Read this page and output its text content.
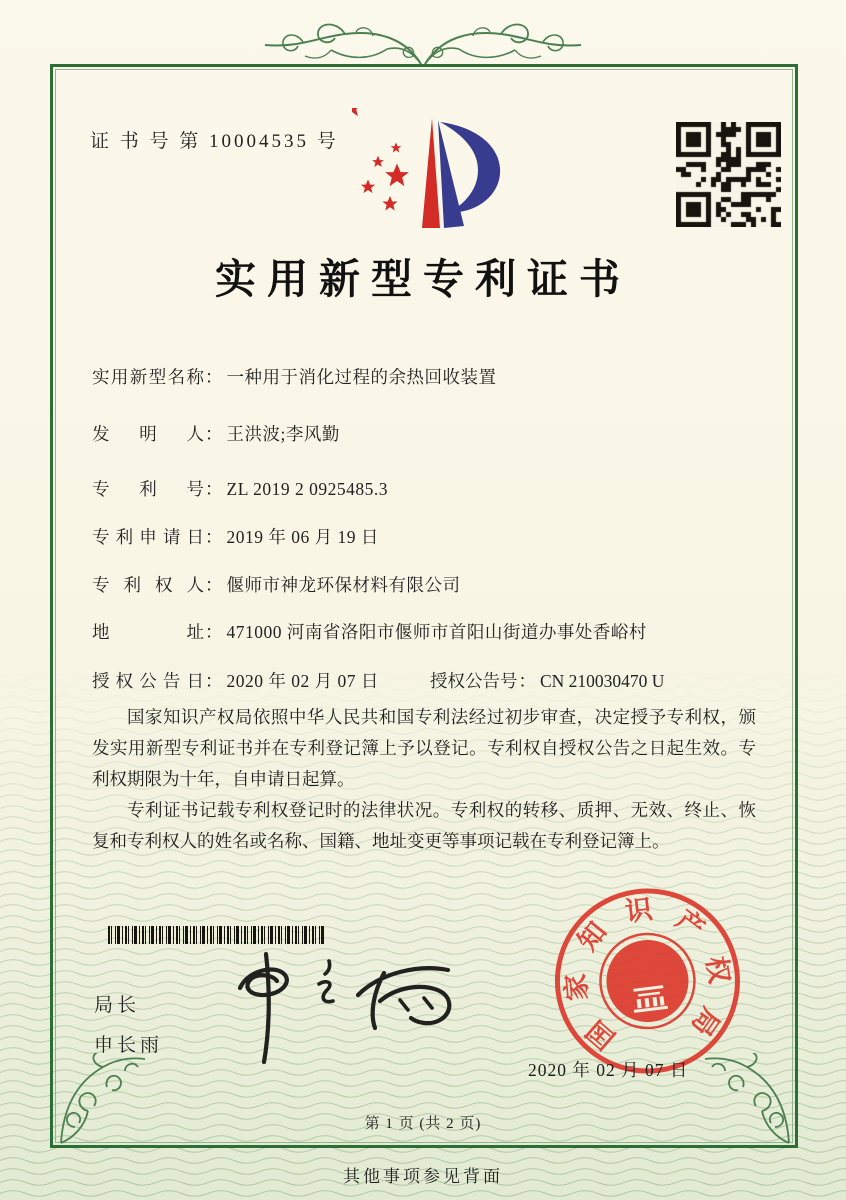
证 书 号 第 10004535 号
实用新型专利证书
实用新型名称： 一种用于消化过程的余热回收装置
发明人： 王洪波;李风勤
专利号： ZL 2019 2 0925485.3
专利申请日： 2019 年 06 月 19 日
专利权人： 偃师市神龙环保材料有限公司
地址： 471000 河南省洛阳市偃师市首阳山街道办事处香峪村
授权公告日： 2020 年 02 月 07 日	授权公告号： CN 210030470 U

国家知识产权局依照中华人民共和国专利法经过初步审查，决定授予专利权，颁发实用新型专利证书并在专利登记簿上予以登记。专利权自授权公告之日起生效。专利权期限为十年，自申请日起算。

专利证书记载专利权登记时的法律状况。专利权的转移、质押、无效、终止、恢复和专利权人的姓名或名称、国籍、地址变更等事项记载在专利登记簿上。

局长
申长雨	国
家
知
识 产
权
局
2020 年 02 月 07 日
第 1 页 (共 2 页)
其他事项参见背面
